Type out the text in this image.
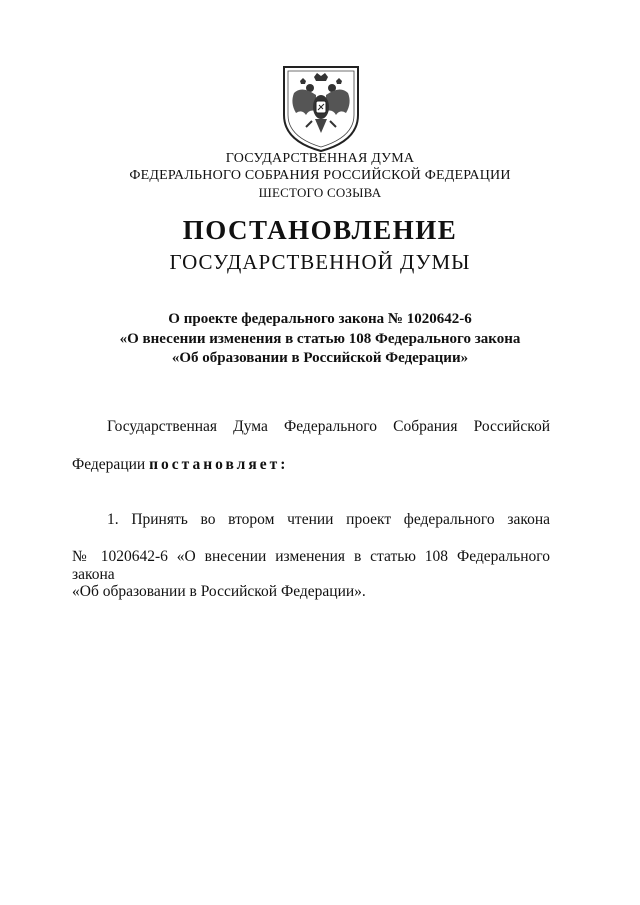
ГОСУДАРСТВЕННАЯ ДУМА
ФЕДЕРАЛЬНОГО СОБРАНИЯ РОССИЙСКОЙ ФЕДЕРАЦИИ
ШЕСТОГО СОЗЫВА
ПОСТАНОВЛЕНИЕ
ГОСУДАРСТВЕННОЙ ДУМЫ
О проекте федерального закона № 1020642-6
«О внесении изменения в статью 108 Федерального закона
«Об образовании в Российской Федерации»
Государственная Дума Федерального Собрания Российской
Федерации постановляет:
1. Принять во втором чтении проект федерального закона
№ 1020642-6 «О внесении изменения в статью 108 Федерального закона
«Об образовании в Российской Федерации».
